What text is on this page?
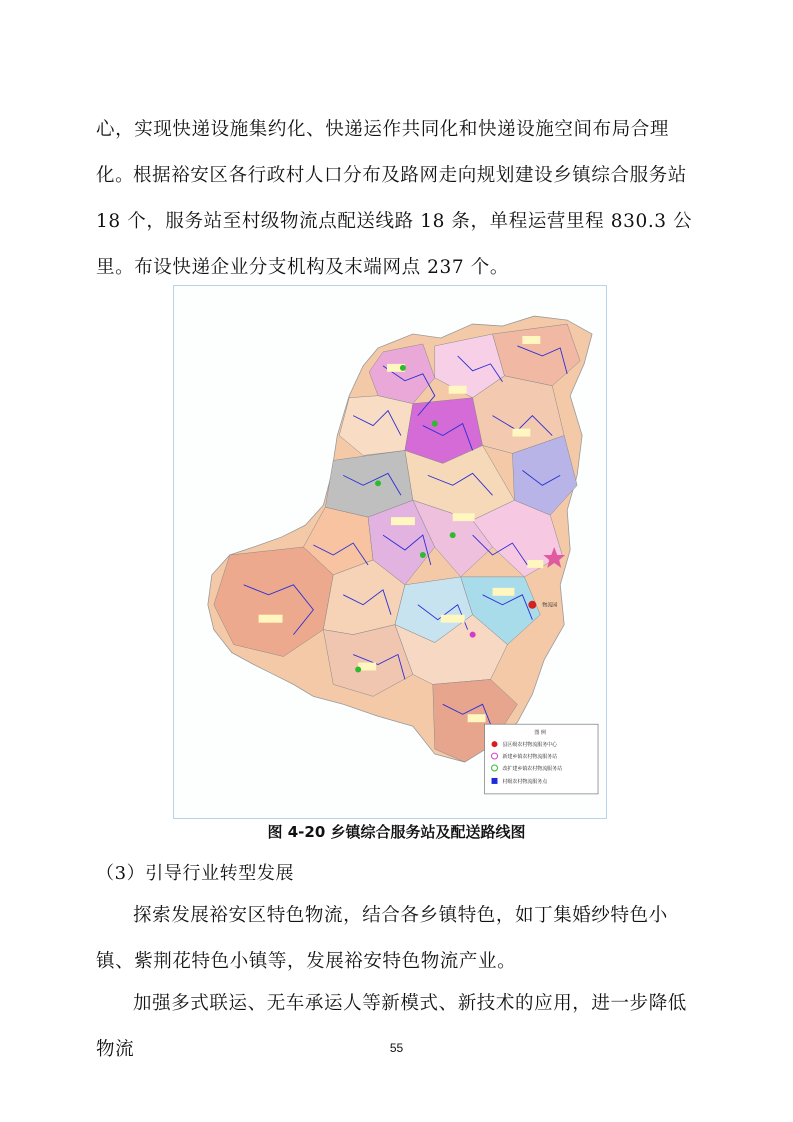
心，实现快递设施集约化、快递运作共同化和快递设施空间布局合理化。

根据裕安区各行政村人口分布及路网走向规划建设乡镇综合服务站 18 个，服务站至村级物流点配送线路 18 条，单程运营里程 830.3 公里。布设快递企业分支机构及末端网点 237 个。

物流园
图 例
县区级农村物流服务中心
新建乡镇农村物流服务站
改扩建乡镇农村物流服务站
村级农村物流服务点
图 4-20 乡镇综合服务站及配送路线图

（3）引导行业转型发展

探索发展裕安区特色物流，结合各乡镇特色，如丁集婚纱特色小镇、紫荆花特色小镇等，发展裕安特色物流产业。

加强多式联运、无车承运人等新模式、新技术的应用，进一步降低物流	55
